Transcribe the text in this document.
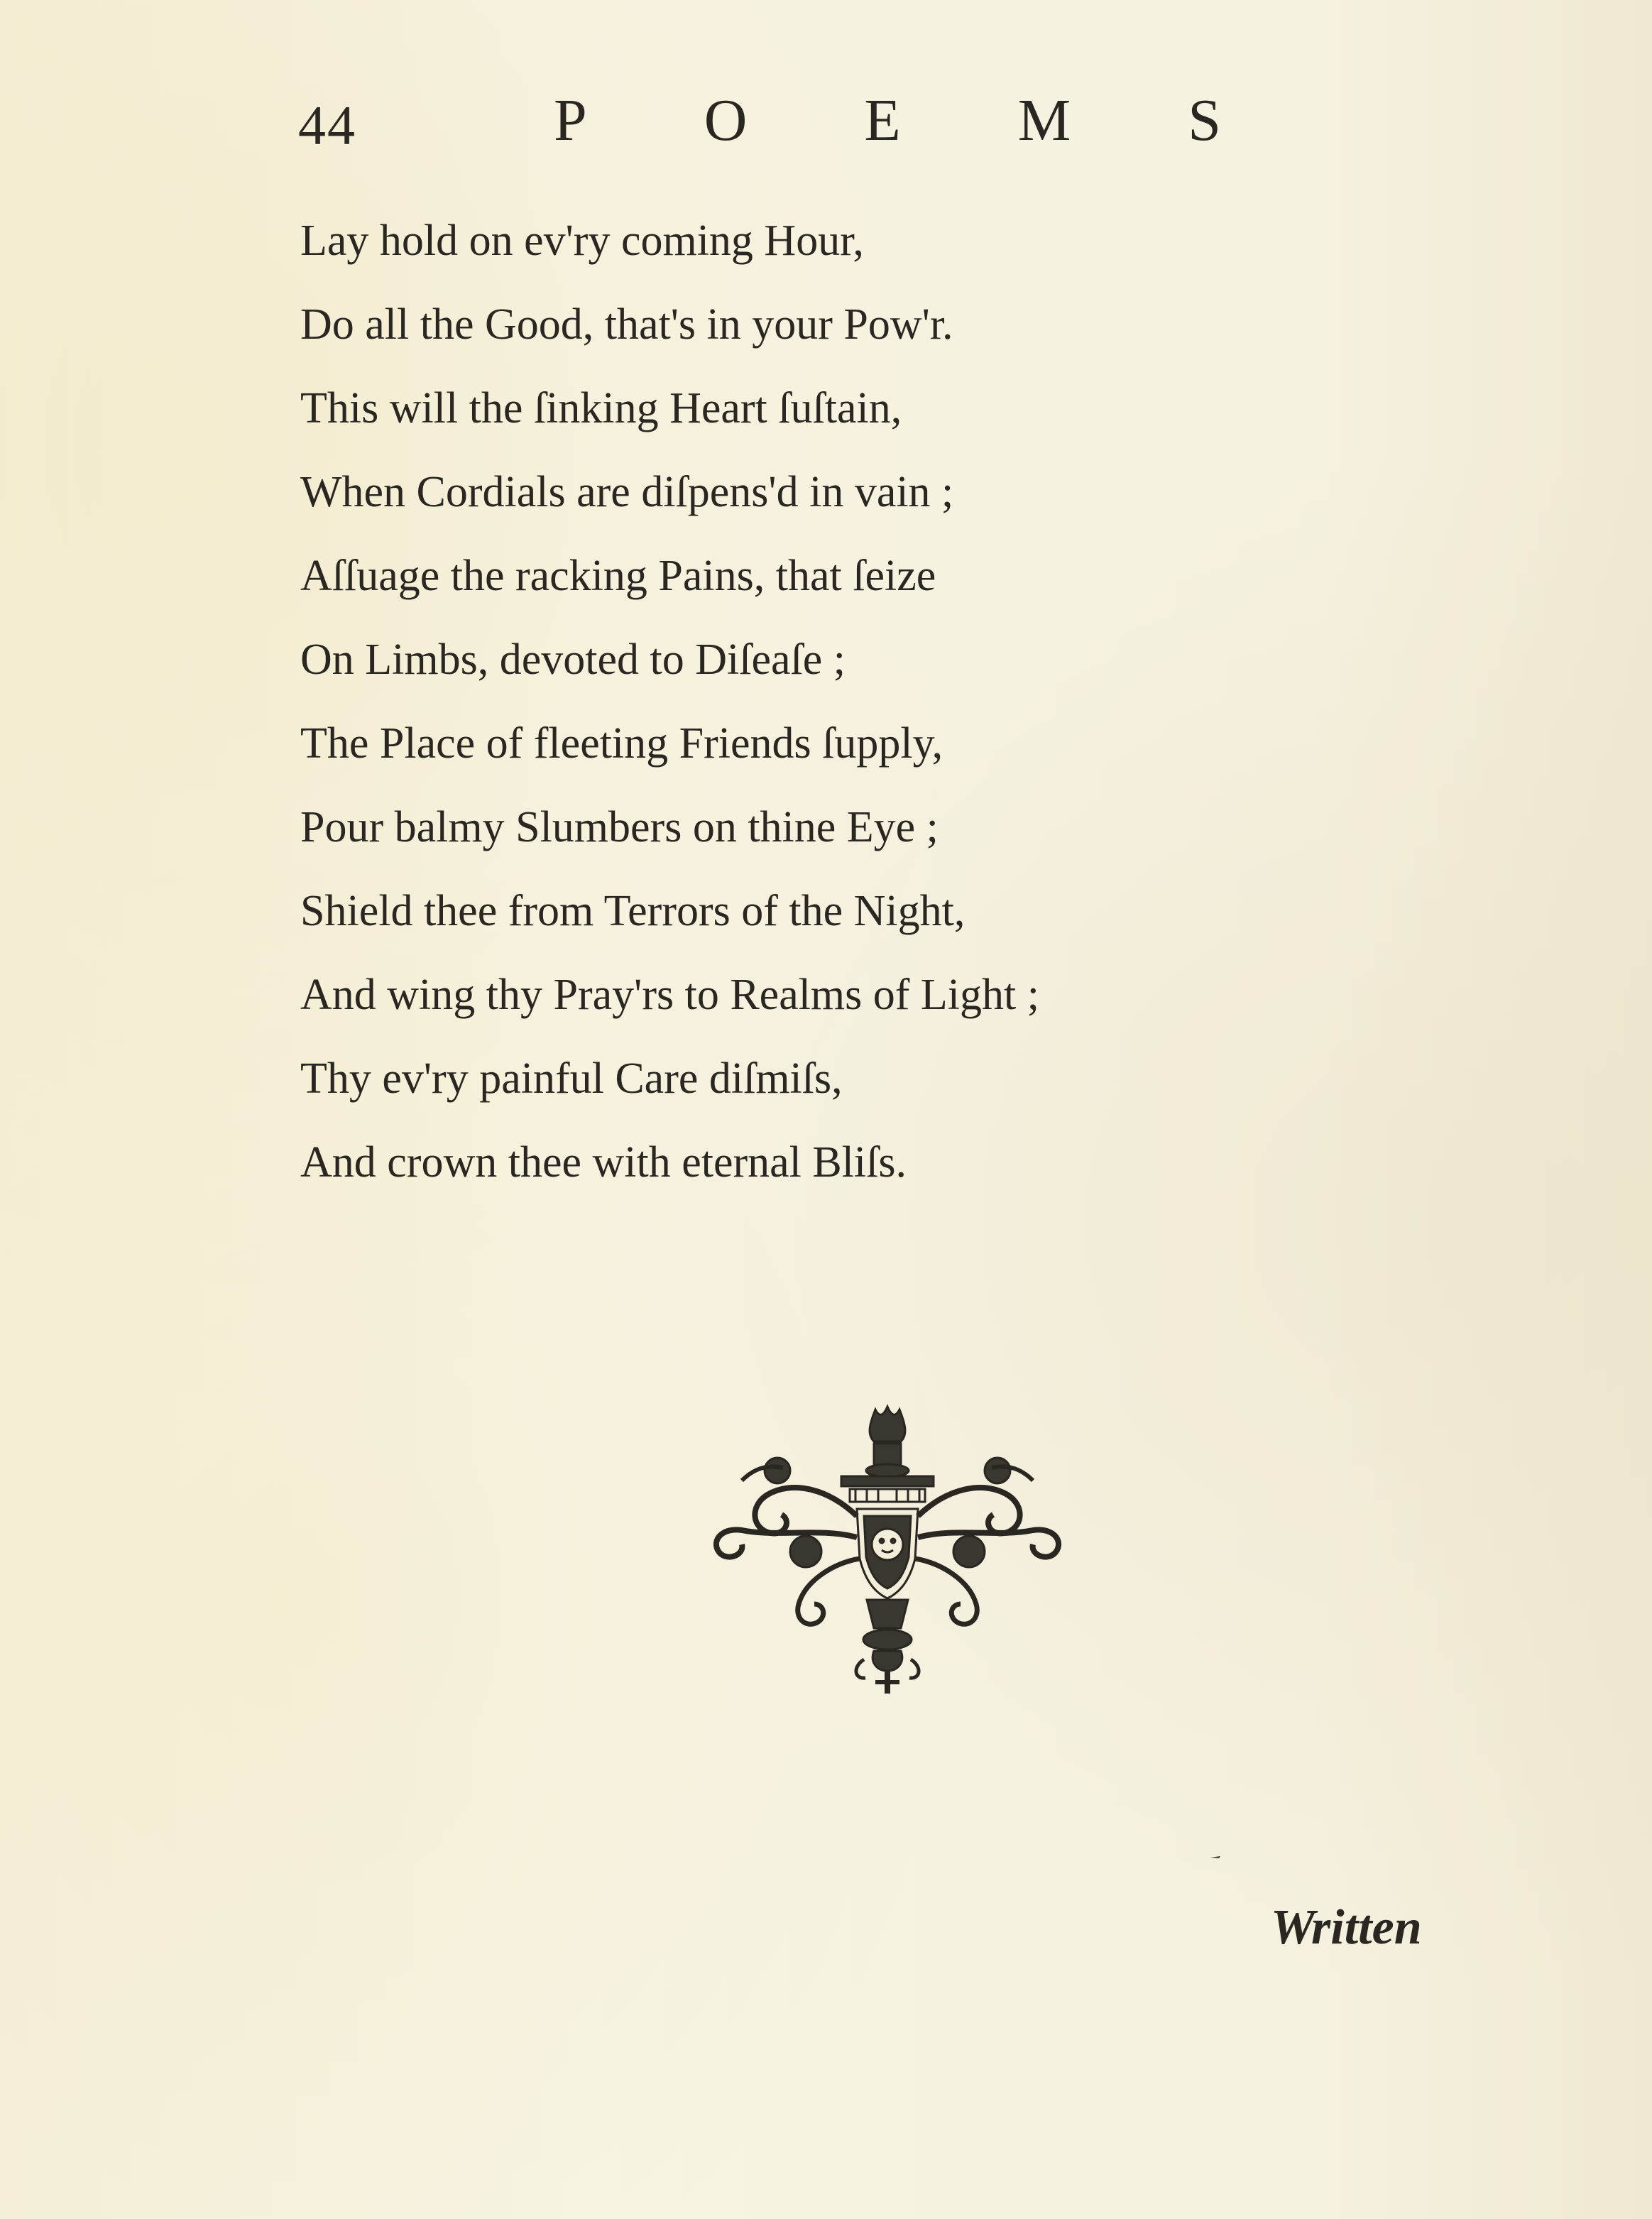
44	P O E M S
Lay hold on ev'ry coming Hour,
Do all the Good, that's in your Pow'r.
This will the ſinking Heart ſuſtain,
When Cordials are diſpens'd in vain ;
Aſſuage the racking Pains, that ſeize
On Limbs, devoted to Diſeaſe ;
The Place of fleeting Friends ſupply,
Pour balmy Slumbers on thine Eye ;
Shield thee from Terrors of the Night,
And wing thy Pray'rs to Realms of Light ;
Thy ev'ry painful Care diſmiſs,
And crown thee with eternal Bliſs.
Written
